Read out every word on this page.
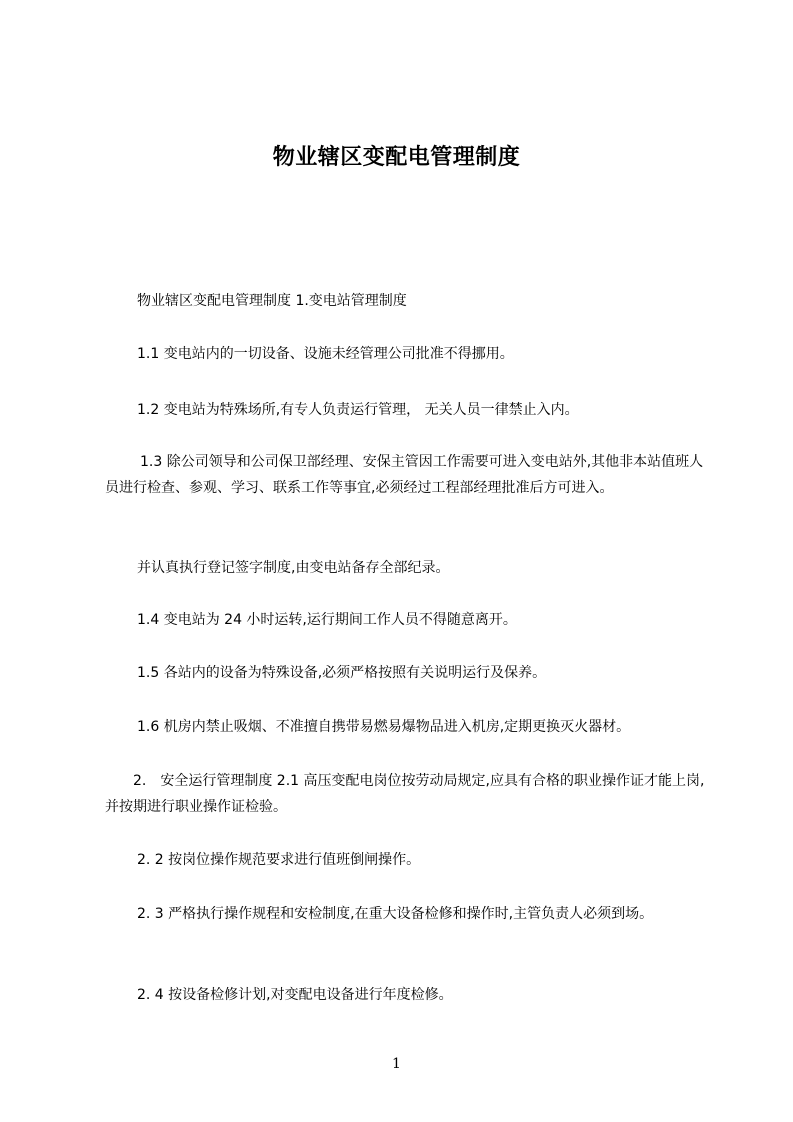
物业辖区变配电管理制度
物业辖区变配电管理制度 1.变电站管理制度
1.1 变电站内的一切设备、设施未经管理公司批准不得挪用。
1.2 变电站为特殊场所,有专人负责运行管理， 无关人员一律禁止入内。
1.3 除公司领导和公司保卫部经理、安保主管因工作需要可进入变电站外,其他非本站值班人员进行检查、参观、学习、联系工作等事宜,必须经过工程部经理批准后方可进入。
并认真执行登记签字制度,由变电站备存全部纪录。
1.4 变电站为 24 小时运转,运行期间工作人员不得随意离开。
1.5 各站内的设备为特殊设备,必须严格按照有关说明运行及保养。
1.6 机房内禁止吸烟、不准擅自携带易燃易爆物品进入机房,定期更换灭火器材。
2.　安全运行管理制度 2.1 高压变配电岗位按劳动局规定,应具有合格的职业操作证才能上岗,并按期进行职业操作证检验。
2. 2 按岗位操作规范要求进行值班倒闸操作。
2. 3 严格执行操作规程和安检制度,在重大设备检修和操作时,主管负责人必须到场。
2. 4 按设备检修计划,对变配电设备进行年度检修。
1
